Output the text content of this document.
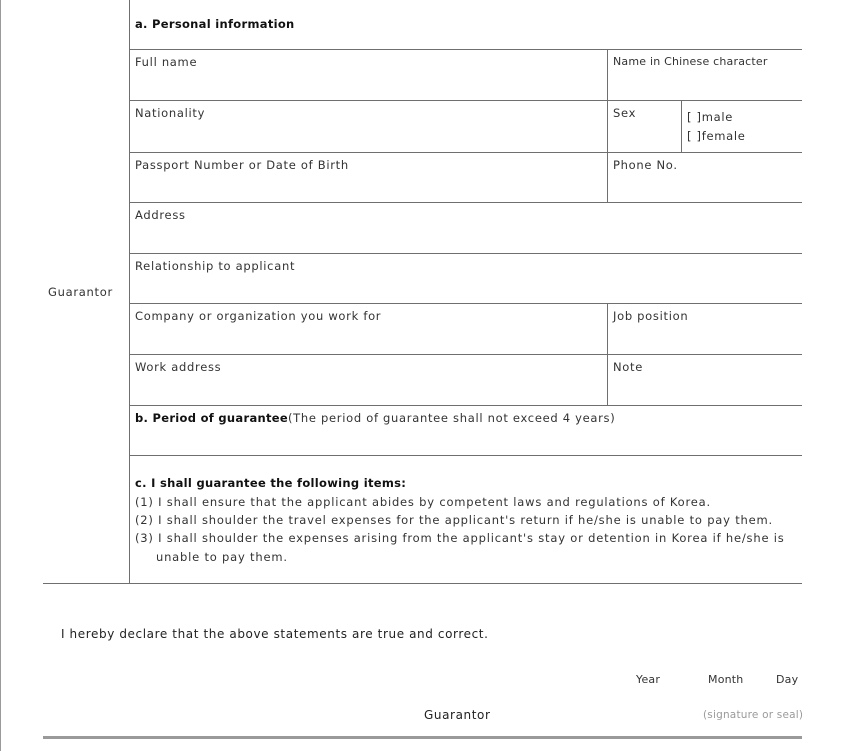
Guarantor
a. Personal information
Full name	Name in Chinese character
Nationality	Sex	[ ]male
[ ]female
Passport Number or Date of Birth	Phone No.
Address
Relationship to applicant
Company or organization you work for	Job position
Work address	Note
b. Period of guarantee(The period of guarantee shall not exceed 4 years)
c. I shall guarantee the following items:
(1) I shall ensure that the applicant abides by competent laws and regulations of Korea.
(2) I shall shoulder the travel expenses for the applicant's return if he/she is unable to pay them.
(3) I shall shoulder the expenses arising from the applicant's stay or detention in Korea if he/she is
unable to pay them.
I hereby declare that the above statements are true and correct.
Year	Month	Day
Guarantor	(signature or seal)
